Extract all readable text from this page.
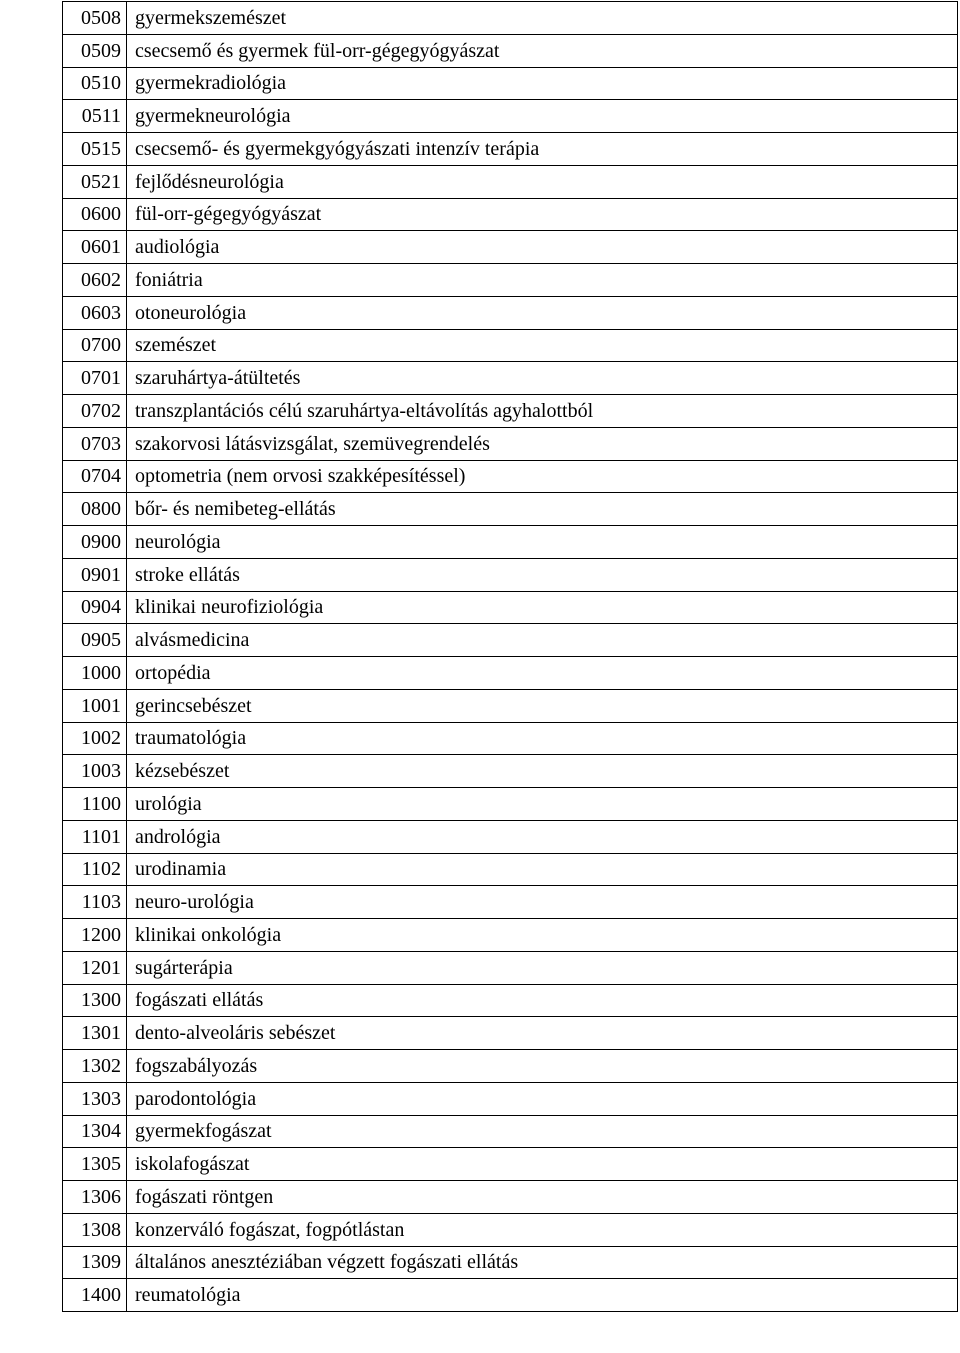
0508	gyermekszemészet
0509	csecsemő és gyermek fül-orr-gégegyógyászat
0510	gyermekradiológia
0511	gyermekneurológia
0515	csecsemő- és gyermekgyógyászati intenzív terápia
0521	fejlődésneurológia
0600	fül-orr-gégegyógyászat
0601	audiológia
0602	foniátria
0603	otoneurológia
0700	szemészet
0701	szaruhártya-átültetés
0702	transzplantációs célú szaruhártya-eltávolítás agyhalottból
0703	szakorvosi látásvizsgálat, szemüvegrendelés
0704	optometria (nem orvosi szakképesítéssel)
0800	bőr- és nemibeteg-ellátás
0900	neurológia
0901	stroke ellátás
0904	klinikai neurofiziológia
0905	alvásmedicina
1000	ortopédia
1001	gerincsebészet
1002	traumatológia
1003	kézsebészet
1100	urológia
1101	andrológia
1102	urodinamia
1103	neuro-urológia
1200	klinikai onkológia
1201	sugárterápia
1300	fogászati ellátás
1301	dento-alveoláris sebészet
1302	fogszabályozás
1303	parodontológia
1304	gyermekfogászat
1305	iskolafogászat
1306	fogászati röntgen
1308	konzerváló fogászat, fogpótlástan
1309	általános anesztéziában végzett fogászati ellátás
1400	reumatológia
